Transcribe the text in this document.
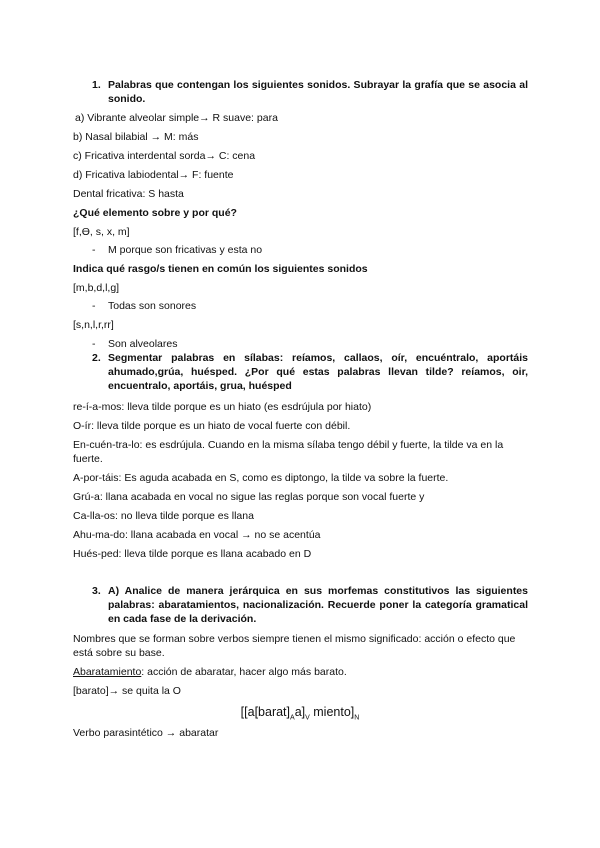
1. Palabras que contengan los siguientes sonidos. Subrayar la grafía que se asocia al sonido.
a) Vibrante alveolar simple→ R suave: para
b) Nasal bilabial → M: más
c) Fricativa interdental sorda→ C: cena
d) Fricativa labiodental→ F: fuente
Dental fricativa: S hasta
¿Qué elemento sobre y por qué?
[f,ϴ, s, x, m]
- M porque son fricativas y esta no
Indica qué rasgo/s tienen en común los siguientes sonidos
[m,b,d,l,g]
- Todas son sonores
[s,n,l,r,rr]
- Son alveolares
2. Segmentar palabras en sílabas: reíamos, callaos, oír, encuéntralo, aportáis ahumado,grúa, huésped. ¿Por qué estas palabras llevan tilde? reíamos, oir, encuentralo, aportáis, grua, huésped
re-í-a-mos: lleva tilde porque es un hiato (es esdrújula por hiato)
O-ír: lleva tilde porque es un hiato de vocal fuerte con débil.
En-cuén-tra-lo: es esdrújula. Cuando en la misma sílaba tengo débil y fuerte, la tilde va en la fuerte.
A-por-táis: Es aguda acabada en S, como es diptongo, la tilde va sobre la fuerte.
Grú-a: llana acabada en vocal no sigue las reglas porque son vocal fuerte y
Ca-lla-os: no lleva tilde porque es llana
Ahu-ma-do: llana acabada en vocal → no se acentúa
Hués-ped: lleva tilde porque es llana acabado en D
3. A) Analice de manera jerárquica en sus morfemas constitutivos las siguientes palabras: abaratamientos, nacionalización. Recuerde poner la categoría gramatical en cada fase de la derivación.
Nombres que se forman sobre verbos siempre tienen el mismo significado: acción o efecto que está sobre su base.
Abaratamiento: acción de abaratar, hacer algo más barato.
[barato]→ se quita la O
[$[a[barat]_Aa]_V$ $miento]_N$
Verbo parasintético → abaratar
